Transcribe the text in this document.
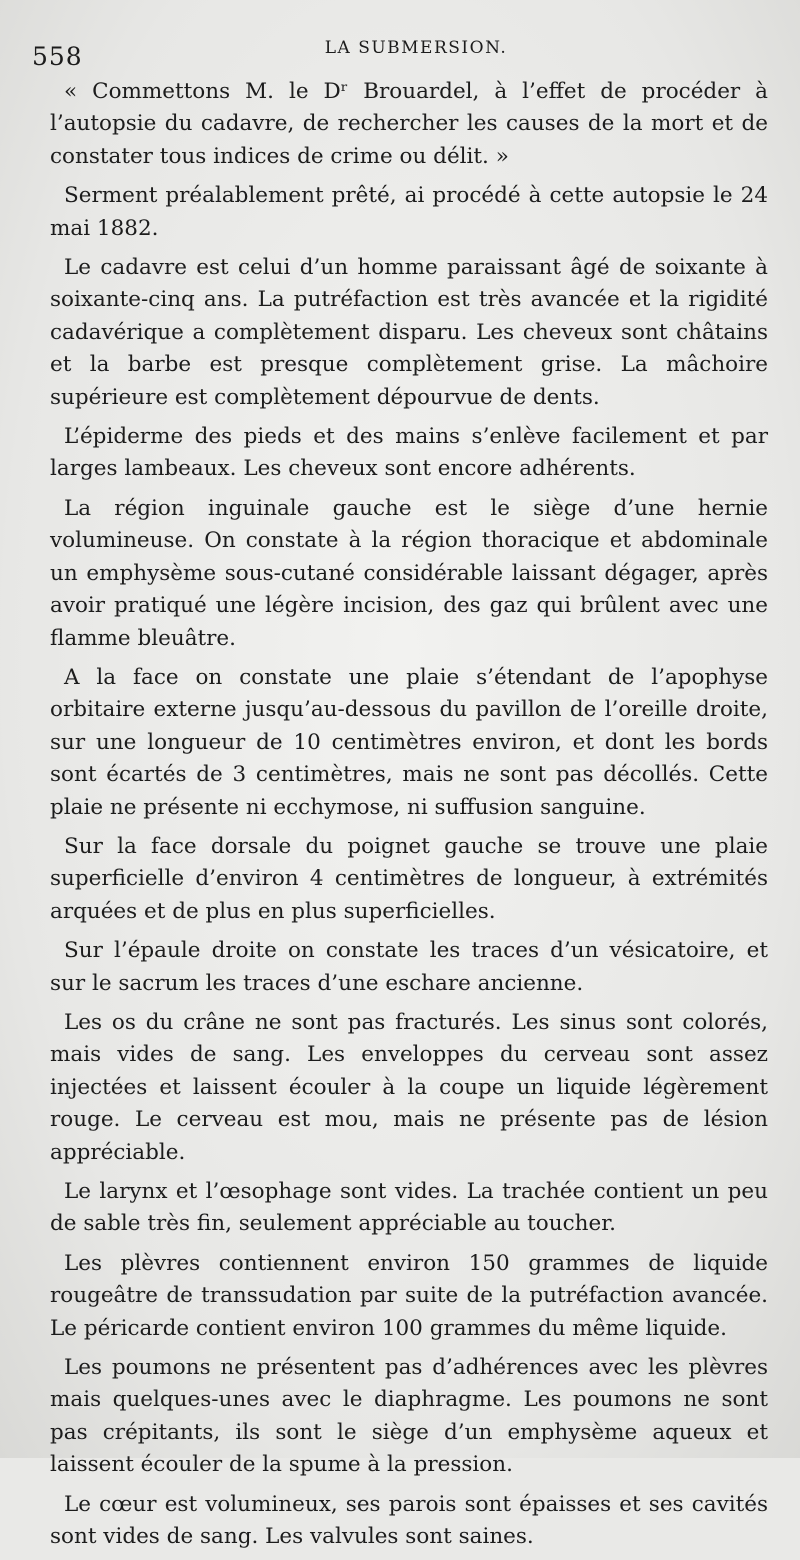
558	LA SUBMERSION.

« Commettons M. le Dʳ Brouardel, à l’effet de procéder à l’autopsie du cadavre, de rechercher les causes de la mort et de constater tous indices de crime ou délit. »

Serment préalablement prêté, ai procédé à cette autopsie le 24 mai 1882.

Le cadavre est celui d’un homme paraissant âgé de soixante à soixante-cinq ans. La putréfaction est très avancée et la rigidité cadavérique a complètement disparu. Les cheveux sont châtains et la barbe est presque complètement grise. La mâchoire supérieure est complètement dépourvue de dents.

L’épiderme des pieds et des mains s’enlève facilement et par larges lambeaux. Les cheveux sont encore adhérents.

La région inguinale gauche est le siège d’une hernie volumineuse. On constate à la région thoracique et abdominale un emphysème sous-cutané considérable laissant dégager, après avoir pratiqué une légère incision, des gaz qui brûlent avec une flamme bleuâtre.

A la face on constate une plaie s’étendant de l’apophyse orbitaire externe jusqu’au-dessous du pavillon de l’oreille droite, sur une longueur de 10 centimètres environ, et dont les bords sont écartés de 3 centimètres, mais ne sont pas décollés. Cette plaie ne présente ni ecchymose, ni suffusion sanguine.

Sur la face dorsale du poignet gauche se trouve une plaie superficielle d’environ 4 centimètres de longueur, à extrémités arquées et de plus en plus superficielles.

Sur l’épaule droite on constate les traces d’un vésicatoire, et sur le sacrum les traces d’une eschare ancienne.

Les os du crâne ne sont pas fracturés. Les sinus sont colorés, mais vides de sang. Les enveloppes du cerveau sont assez injectées et laissent écouler à la coupe un liquide légèrement rouge. Le cerveau est mou, mais ne présente pas de lésion appréciable.

Le larynx et l’œsophage sont vides. La trachée contient un peu de sable très fin, seulement appréciable au toucher.

Les plèvres contiennent environ 150 grammes de liquide rougeâtre de transsudation par suite de la putréfaction avancée. Le péricarde contient environ 100 grammes du même liquide.

Les poumons ne présentent pas d’adhérences avec les plèvres mais quelques-unes avec le diaphragme. Les poumons ne sont pas crépitants, ils sont le siège d’un emphysème aqueux et laissent écouler de la spume à la pression.

Le cœur est volumineux, ses parois sont épaisses et ses cavités sont vides de sang. Les valvules sont saines.
